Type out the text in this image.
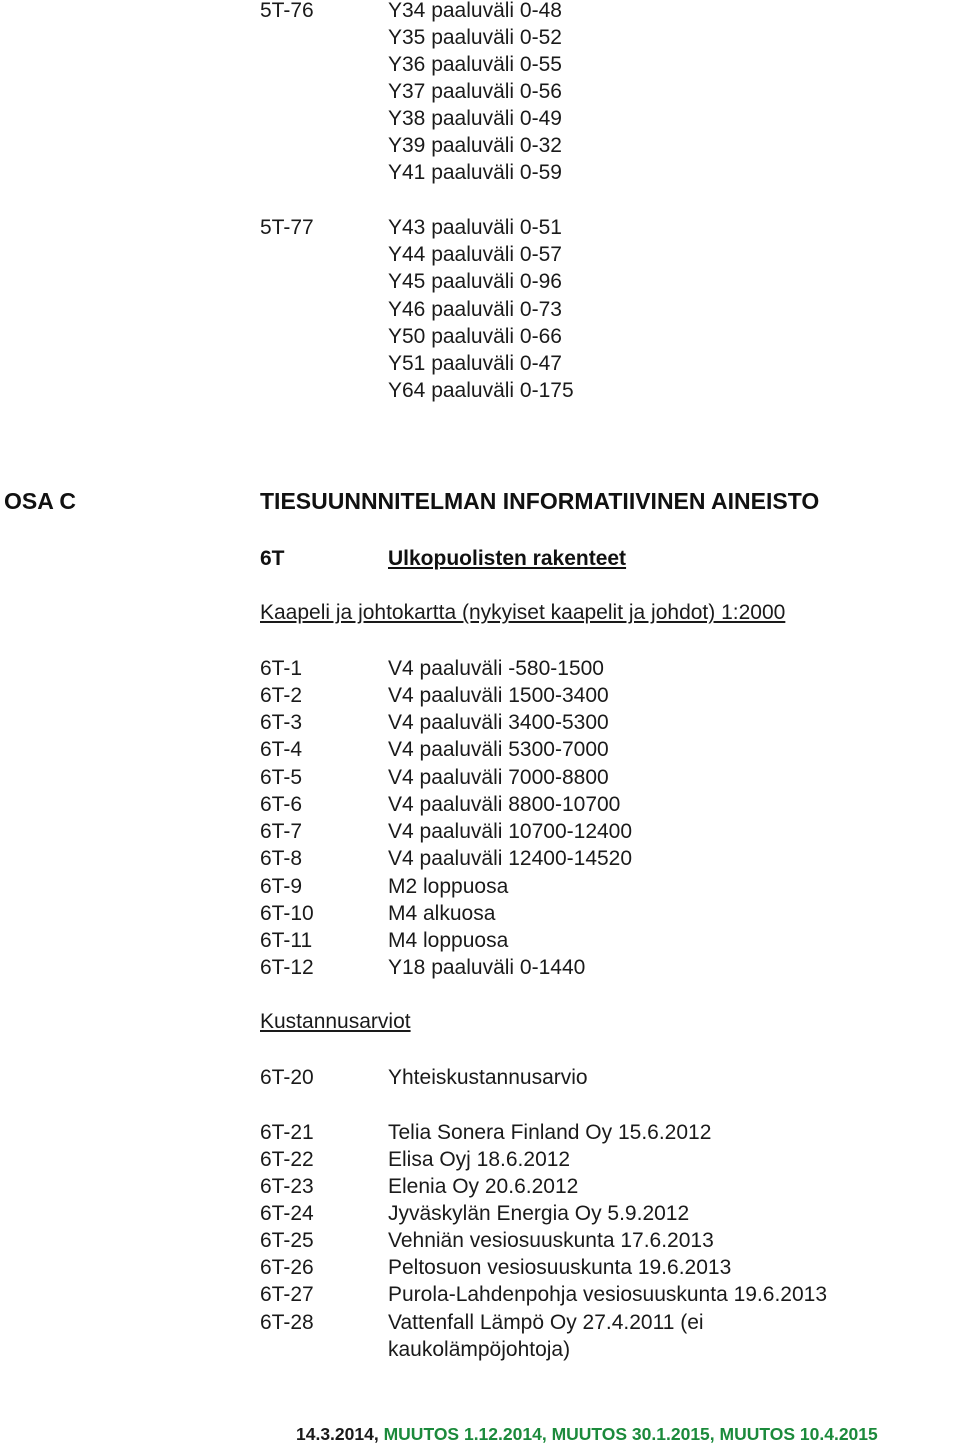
5T-76	Y34 paaluväli 0-48
Y35 paaluväli 0-52
Y36 paaluväli 0-55
Y37 paaluväli 0-56
Y38 paaluväli 0-49
Y39 paaluväli 0-32
Y41 paaluväli 0-59
5T-77	Y43 paaluväli 0-51
Y44 paaluväli 0-57
Y45 paaluväli 0-96
Y46 paaluväli 0-73
Y50 paaluväli 0-66
Y51 paaluväli 0-47
Y64 paaluväli 0-175
OSA C	TIESUUNNNITELMAN INFORMATIIVINEN AINEISTO
6T	Ulkopuolisten rakenteet
Kaapeli ja johtokartta (nykyiset kaapelit ja johdot) 1:2000
6T-1	V4 paaluväli -580-1500
6T-2	V4 paaluväli 1500-3400
6T-3	V4 paaluväli 3400-5300
6T-4	V4 paaluväli 5300-7000
6T-5	V4 paaluväli 7000-8800
6T-6	V4 paaluväli 8800-10700
6T-7	V4 paaluväli 10700-12400
6T-8	V4 paaluväli 12400-14520
6T-9	M2 loppuosa
6T-10	M4 alkuosa
6T-11	M4 loppuosa
6T-12	Y18 paaluväli 0-1440
Kustannusarviot
6T-20	Yhteiskustannusarvio
6T-21	Telia Sonera Finland Oy 15.6.2012
6T-22	Elisa Oyj 18.6.2012
6T-23	Elenia Oy 20.6.2012
6T-24	Jyväskylän Energia Oy 5.9.2012
6T-25	Vehniän vesiosuuskunta 17.6.2013
6T-26	Peltosuon vesiosuuskunta 19.6.2013
6T-27	Purola-Lahdenpohja vesiosuuskunta 19.6.2013
6T-28	Vattenfall Lämpö Oy 27.4.2011 (ei
kaukolämpöjohtoja)
14.3.2014, MUUTOS 1.12.2014, MUUTOS 30.1.2015, MUUTOS 10.4.2015
